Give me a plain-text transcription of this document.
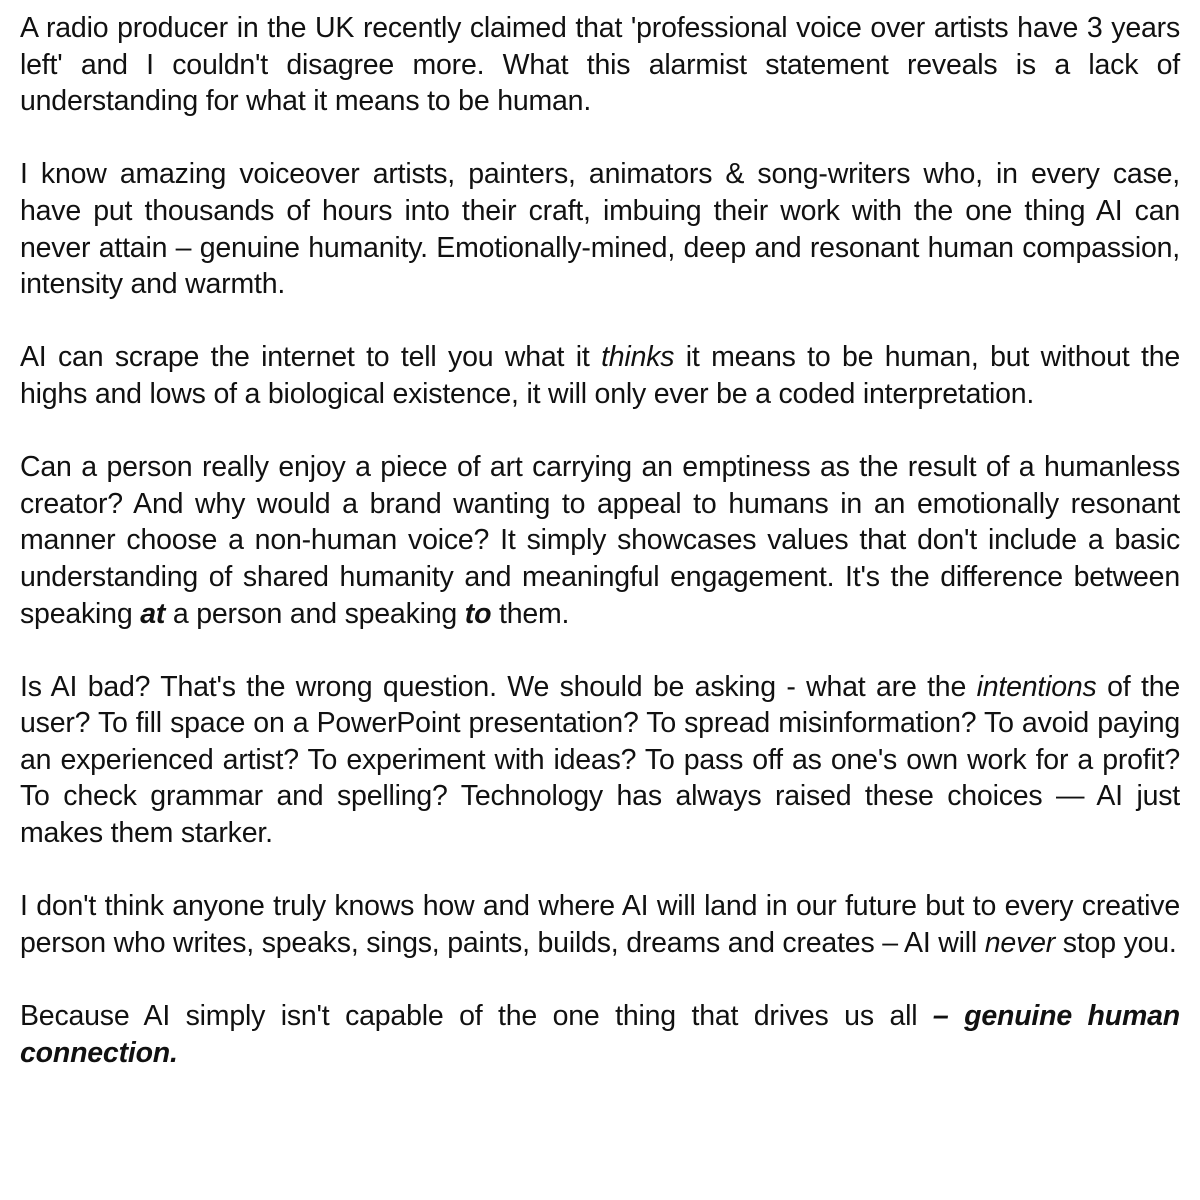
A radio producer in the UK recently claimed that 'professional voice over artists have 3 years left' and I couldn't disagree more. What this alarmist statement reveals is a lack of understanding for what it means to be human.

I know amazing voiceover artists, painters, animators & song-writers who, in every case, have put thousands of hours into their craft, imbuing their work with the one thing AI can never attain – genuine humanity. Emotionally-mined, deep and resonant human compassion, intensity and warmth.

AI can scrape the internet to tell you what it thinks it means to be human, but without the highs and lows of a biological existence, it will only ever be a coded interpretation.

Can a person really enjoy a piece of art carrying an emptiness as the result of a humanless creator? And why would a brand wanting to appeal to humans in an emotionally resonant manner choose a non-human voice? It simply showcases values that don't include a basic understanding of shared humanity and meaningful engagement. It's the difference between speaking at a person and speaking to them.

Is AI bad? That's the wrong question. We should be asking - what are the intentions of the user? To fill space on a PowerPoint presentation? To spread misinformation? To avoid paying an experienced artist? To experiment with ideas? To pass off as one's own work for a profit? To check grammar and spelling? Technology has always raised these choices — AI just makes them starker.

I don't think anyone truly knows how and where AI will land in our future but to every creative person who writes, speaks, sings, paints, builds, dreams and creates – AI will never stop you.

Because AI simply isn't capable of the one thing that drives us all – genuine human connection.
